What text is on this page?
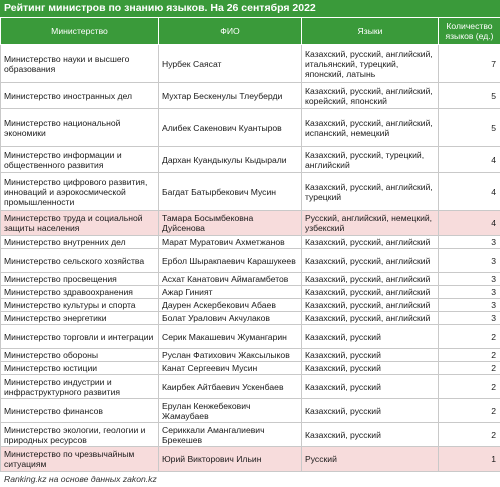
Рейтинг министров по знанию языков. На 26 сентября 2022
Министерство	ФИО	Языки	Количество языков (ед.)
Министерство науки и высшего образования	Нурбек Саясат	Казахский, русский, английский, итальянский, турецкий, японский, латынь	7
Министерство иностранных дел	Мухтар Бескенулы Тлеуберди	Казахский, русский, английский, корейский, японский	5
Министерство национальной экономики	Алибек Сакенович Куантыров	Казахский, русский, английский, испанский, немецкий	5
Министерство информации и общественного развития	Дархан Куандыкулы Кыдырали	Казахский, русский, турецкий, английский	4
Министерство цифрового развития, инноваций и аэрокосмической промышленности	Багдат Батырбекович Мусин	Казахский, русский, английский, турецкий	4
Министерство труда и социальной защиты населения	Тамара Босымбековна Дуйсенова	Русский, английский, немецкий, узбекский	4
Министерство внутренних дел	Марат Муратович Ахметжанов	Казахский, русский, английский	3
Министерство сельского хозяйства	Ербол Шыракпаевич Карашукеев	Казахский, русский, английский	3
Министерство просвещения	Асхат Канатович Аймагамбетов	Казахский, русский, английский	3
Министерство здравоохранения	Ажар Гиният	Казахский, русский, английский	3
Министерство культуры и спорта	Даурен Аскербекович Абаев	Казахский, русский, английский	3
Министерство энергетики	Болат Уралович Акчулаков	Казахский, русский, английский	3
Министерство торговли и интеграции	Серик Макашевич Жумангарин	Казахский, русский	2
Министерство обороны	Руслан Фатихович Жаксылыков	Казахский, русский	2
Министерство юстиции	Канат Сергеевич Мусин	Казахский, русский	2
Министерство индустрии и инфраструктурного развития	Каирбек Айтбаевич Ускенбаев	Казахский, русский	2
Министерство финансов	Ерулан Кенжебекович Жамаубаев	Казахский, русский	2
Министерство экологии, геологии и природных ресурсов	Сериккали Амангалиевич Брекешев	Казахский, русский	2
Министерство по чрезвычайным ситуациям	Юрий Викторович Ильин	Русский	1
Ranking.kz на основе данных zakon.kz
